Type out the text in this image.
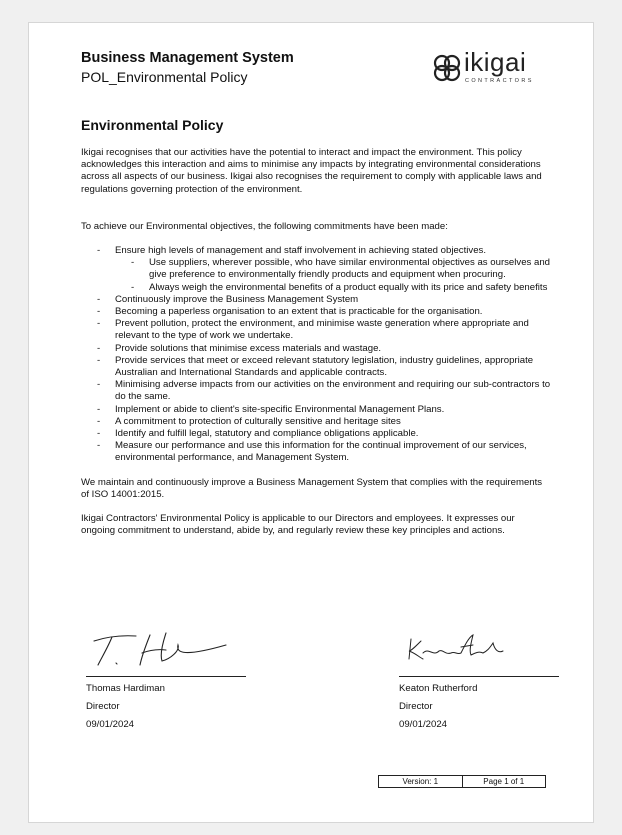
Business Management System
POL_Environmental Policy	ikigai
CONTRACTORS
Environmental Policy

Ikigai recognises that our activities have the potential to interact and impact the environment. This policy acknowledges this interaction and aims to minimise any impacts by integrating environmental considerations across all aspects of our business. Ikigai also recognises the requirement to comply with applicable laws and regulations governing protection of the environment.

To achieve our Environmental objectives, the following commitments have been made:

- Ensure high levels of management and staff involvement in achieving stated objectives.
- Use suppliers, wherever possible, who have similar environmental objectives as ourselves and give preference to environmentally friendly products and equipment when procuring.
- Always weigh the environmental benefits of a product equally with its price and safety benefits
- Continuously improve the Business Management System
- Becoming a paperless organisation to an extent that is practicable for the organisation.
- Prevent pollution, protect the environment, and minimise waste generation where appropriate and relevant to the type of work we undertake.
- Provide solutions that minimise excess materials and wastage.
- Provide services that meet or exceed relevant statutory legislation, industry guidelines, appropriate Australian and International Standards and applicable contracts.
- Minimising adverse impacts from our activities on the environment and requiring our sub-contractors to do the same.
- Implement or abide to client's site-specific Environmental Management Plans.
- A commitment to protection of culturally sensitive and heritage sites
- Identify and fulfill legal, statutory and compliance obligations applicable.
- Measure our performance and use this information for the continual improvement of our services, environmental performance, and Management System.

We maintain and continuously improve a Business Management System that complies with the requirements of ISO 14001:2015.

Ikigai Contractors' Environmental Policy is applicable to our Directors and employees. It expresses our ongoing commitment to understand, abide by, and regularly review these key principles and actions.

Thomas Hardiman
Director
09/01/2024
Keaton Rutherford
Director
09/01/2024
Version: 1	Page 1 of 1
